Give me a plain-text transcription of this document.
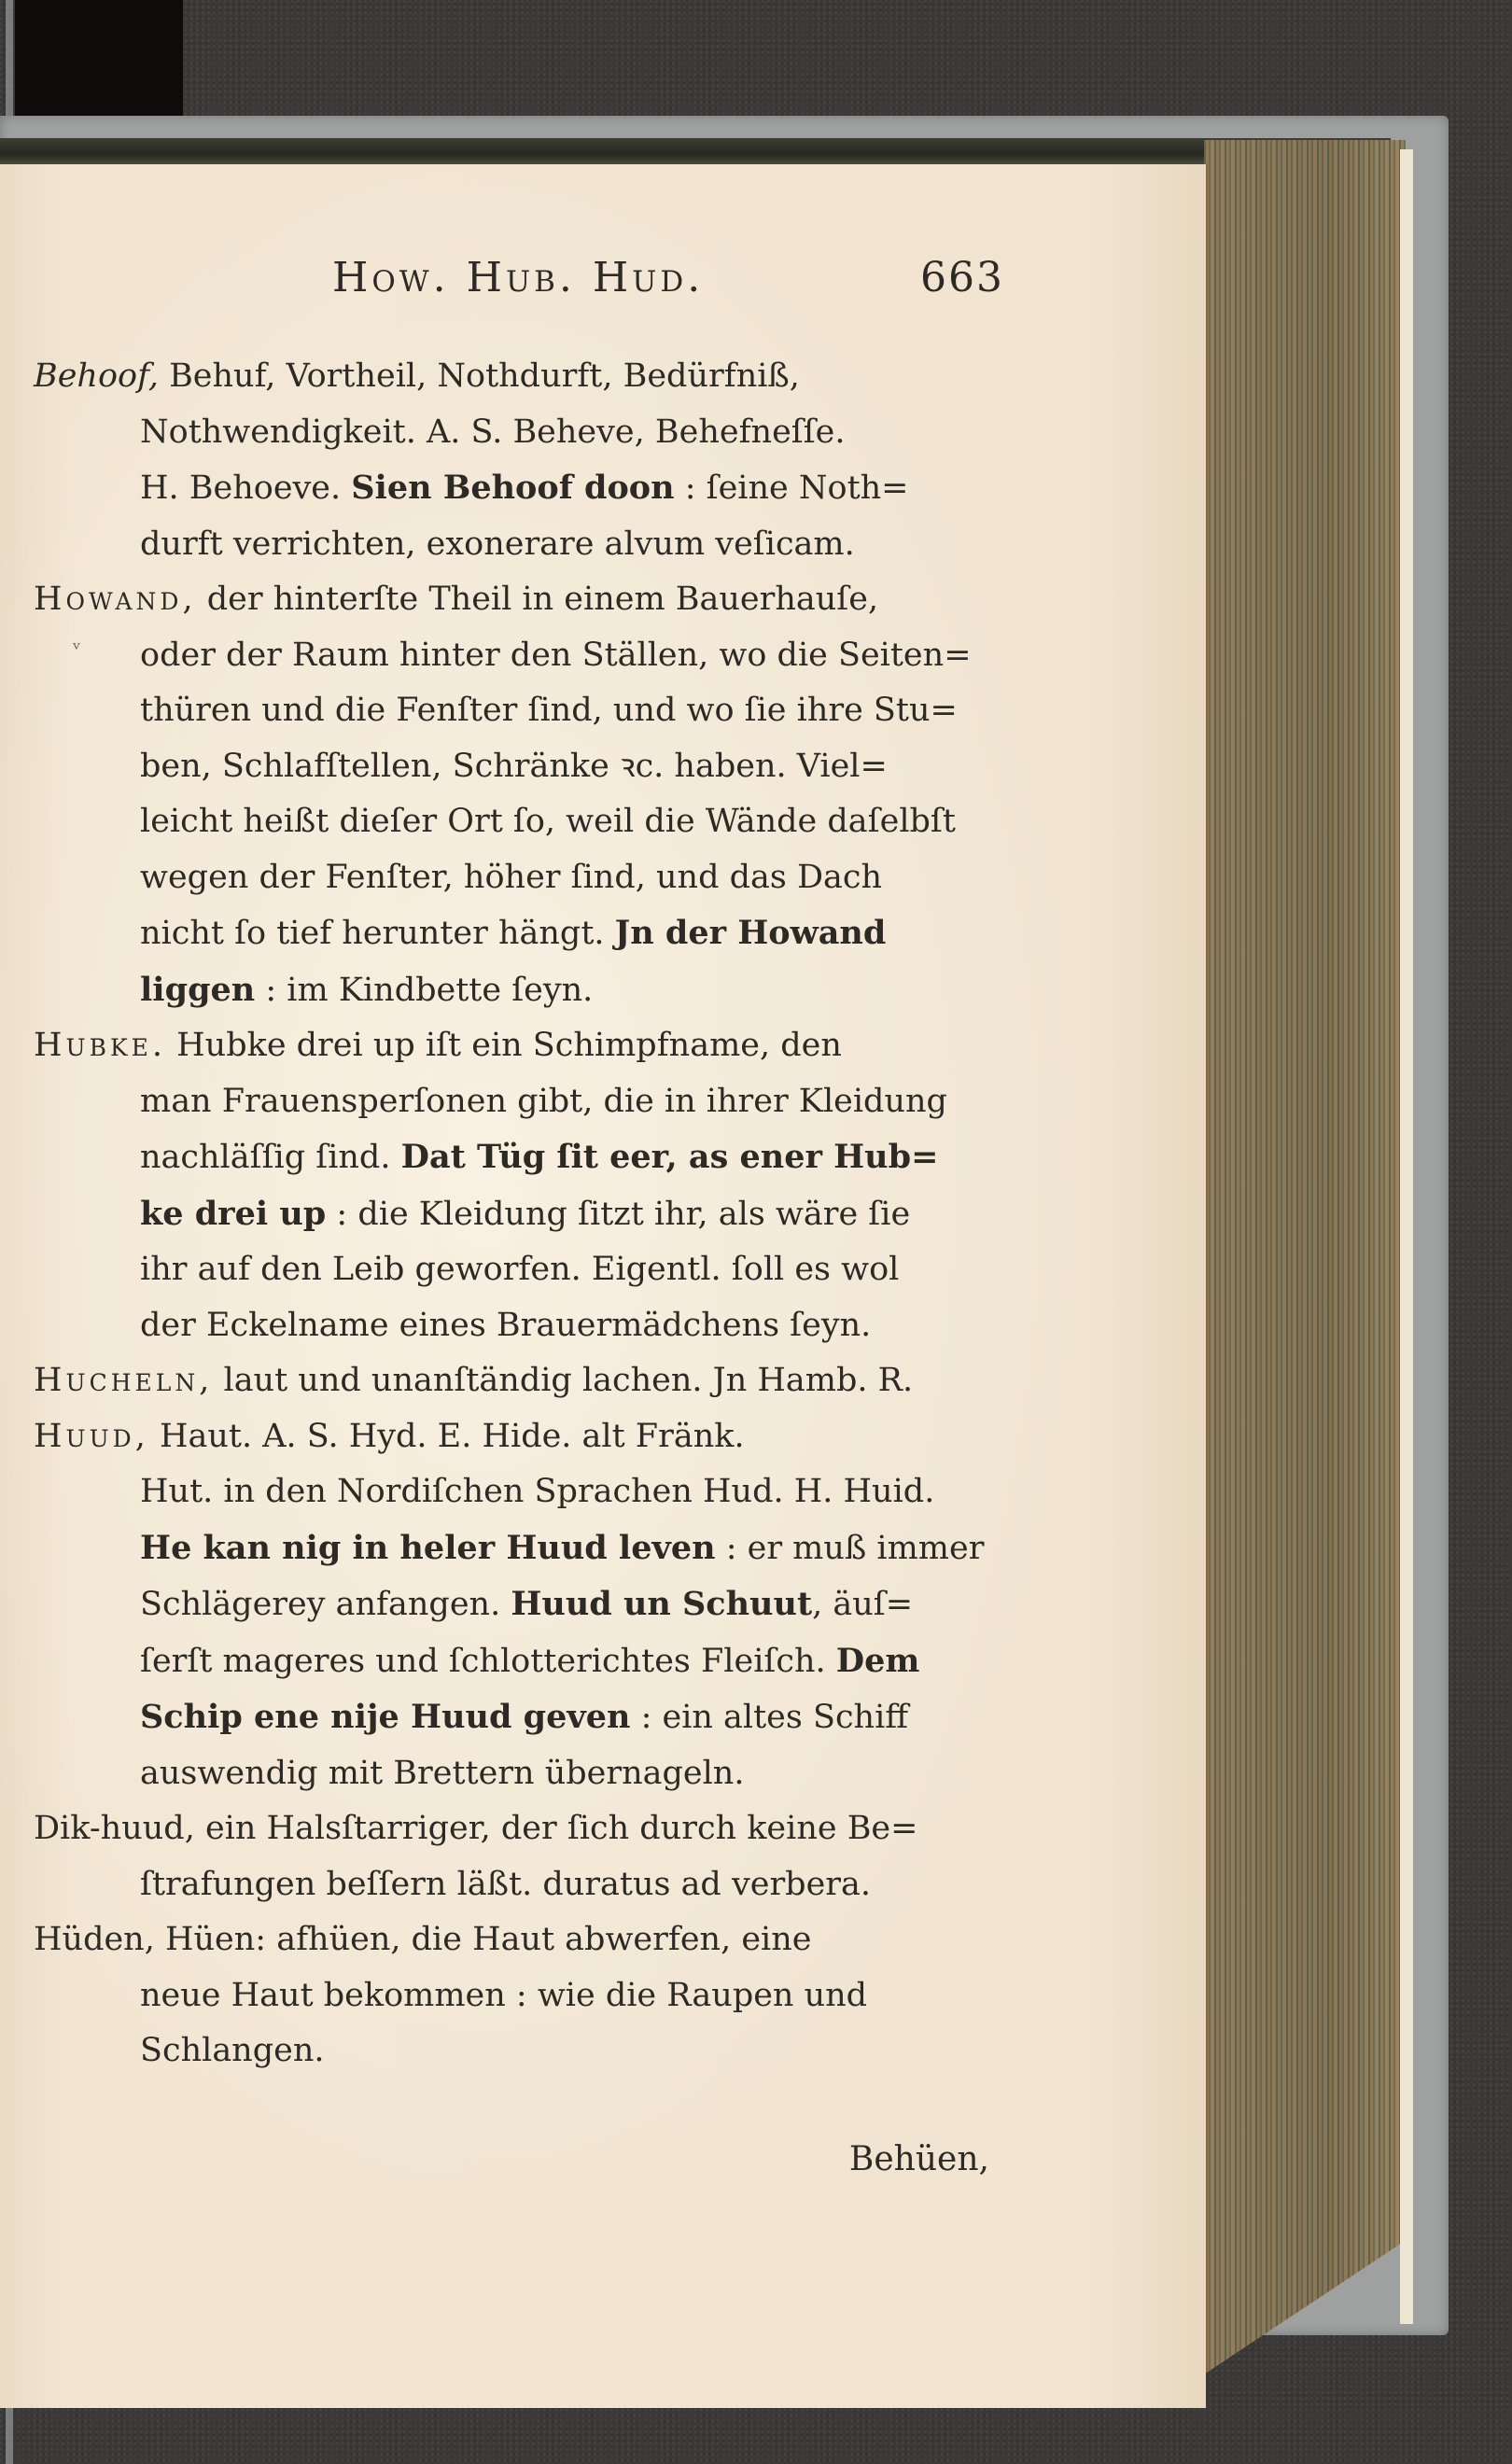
ᵛ
How. Hub. Hud.	663
Behoof, Behuf, Vortheil, Nothdurft, Bedürfniß,
Nothwendigkeit. A. S. Beheve, Behefneſſe.
H. Behoeve. Sien Behoof doon : ſeine Noth=
durft verrichten, exonerare alvum veſicam.
Howand, der hinterſte Theil in einem Bauerhauſe,
oder der Raum hinter den Ställen, wo die Seiten=
thüren und die Fenſter ſind, und wo ſie ihre Stu=
ben, Schlafſtellen, Schränke ꝛc. haben. Viel=
leicht heißt dieſer Ort ſo, weil die Wände daſelbſt
wegen der Fenſter, höher ſind, und das Dach
nicht ſo tief herunter hängt. Jn der Howand
liggen : im Kindbette ſeyn.
Hubke. Hubke drei up iſt ein Schimpfname, den
man Frauensperſonen gibt, die in ihrer Kleidung
nachläſſig ſind. Dat Tüg ſit eer, as ener Hub=
ke drei up : die Kleidung ſitzt ihr, als wäre ſie
ihr auf den Leib geworfen. Eigentl. ſoll es wol
der Eckelname eines Brauermädchens ſeyn.
Hucheln, laut und unanſtändig lachen. Jn Hamb. R.
Huud, Haut. A. S. Hyd. E. Hide. alt Fränk.
Hut. in den Nordiſchen Sprachen Hud. H. Huid.
He kan nig in heler Huud leven : er muß immer
Schlägerey anfangen. Huud un Schuut, äuſ=
ſerſt mageres und ſchlotterichtes Fleiſch. Dem
Schip ene nije Huud geven : ein altes Schiff
auswendig mit Brettern übernageln.
Dik-huud, ein Halsſtarriger, der ſich durch keine Be=
ſtrafungen beſſern läßt. duratus ad verbera.
Hüden, Hüen: afhüen, die Haut abwerfen, eine
neue Haut bekommen : wie die Raupen und
Schlangen.
Behüen,
